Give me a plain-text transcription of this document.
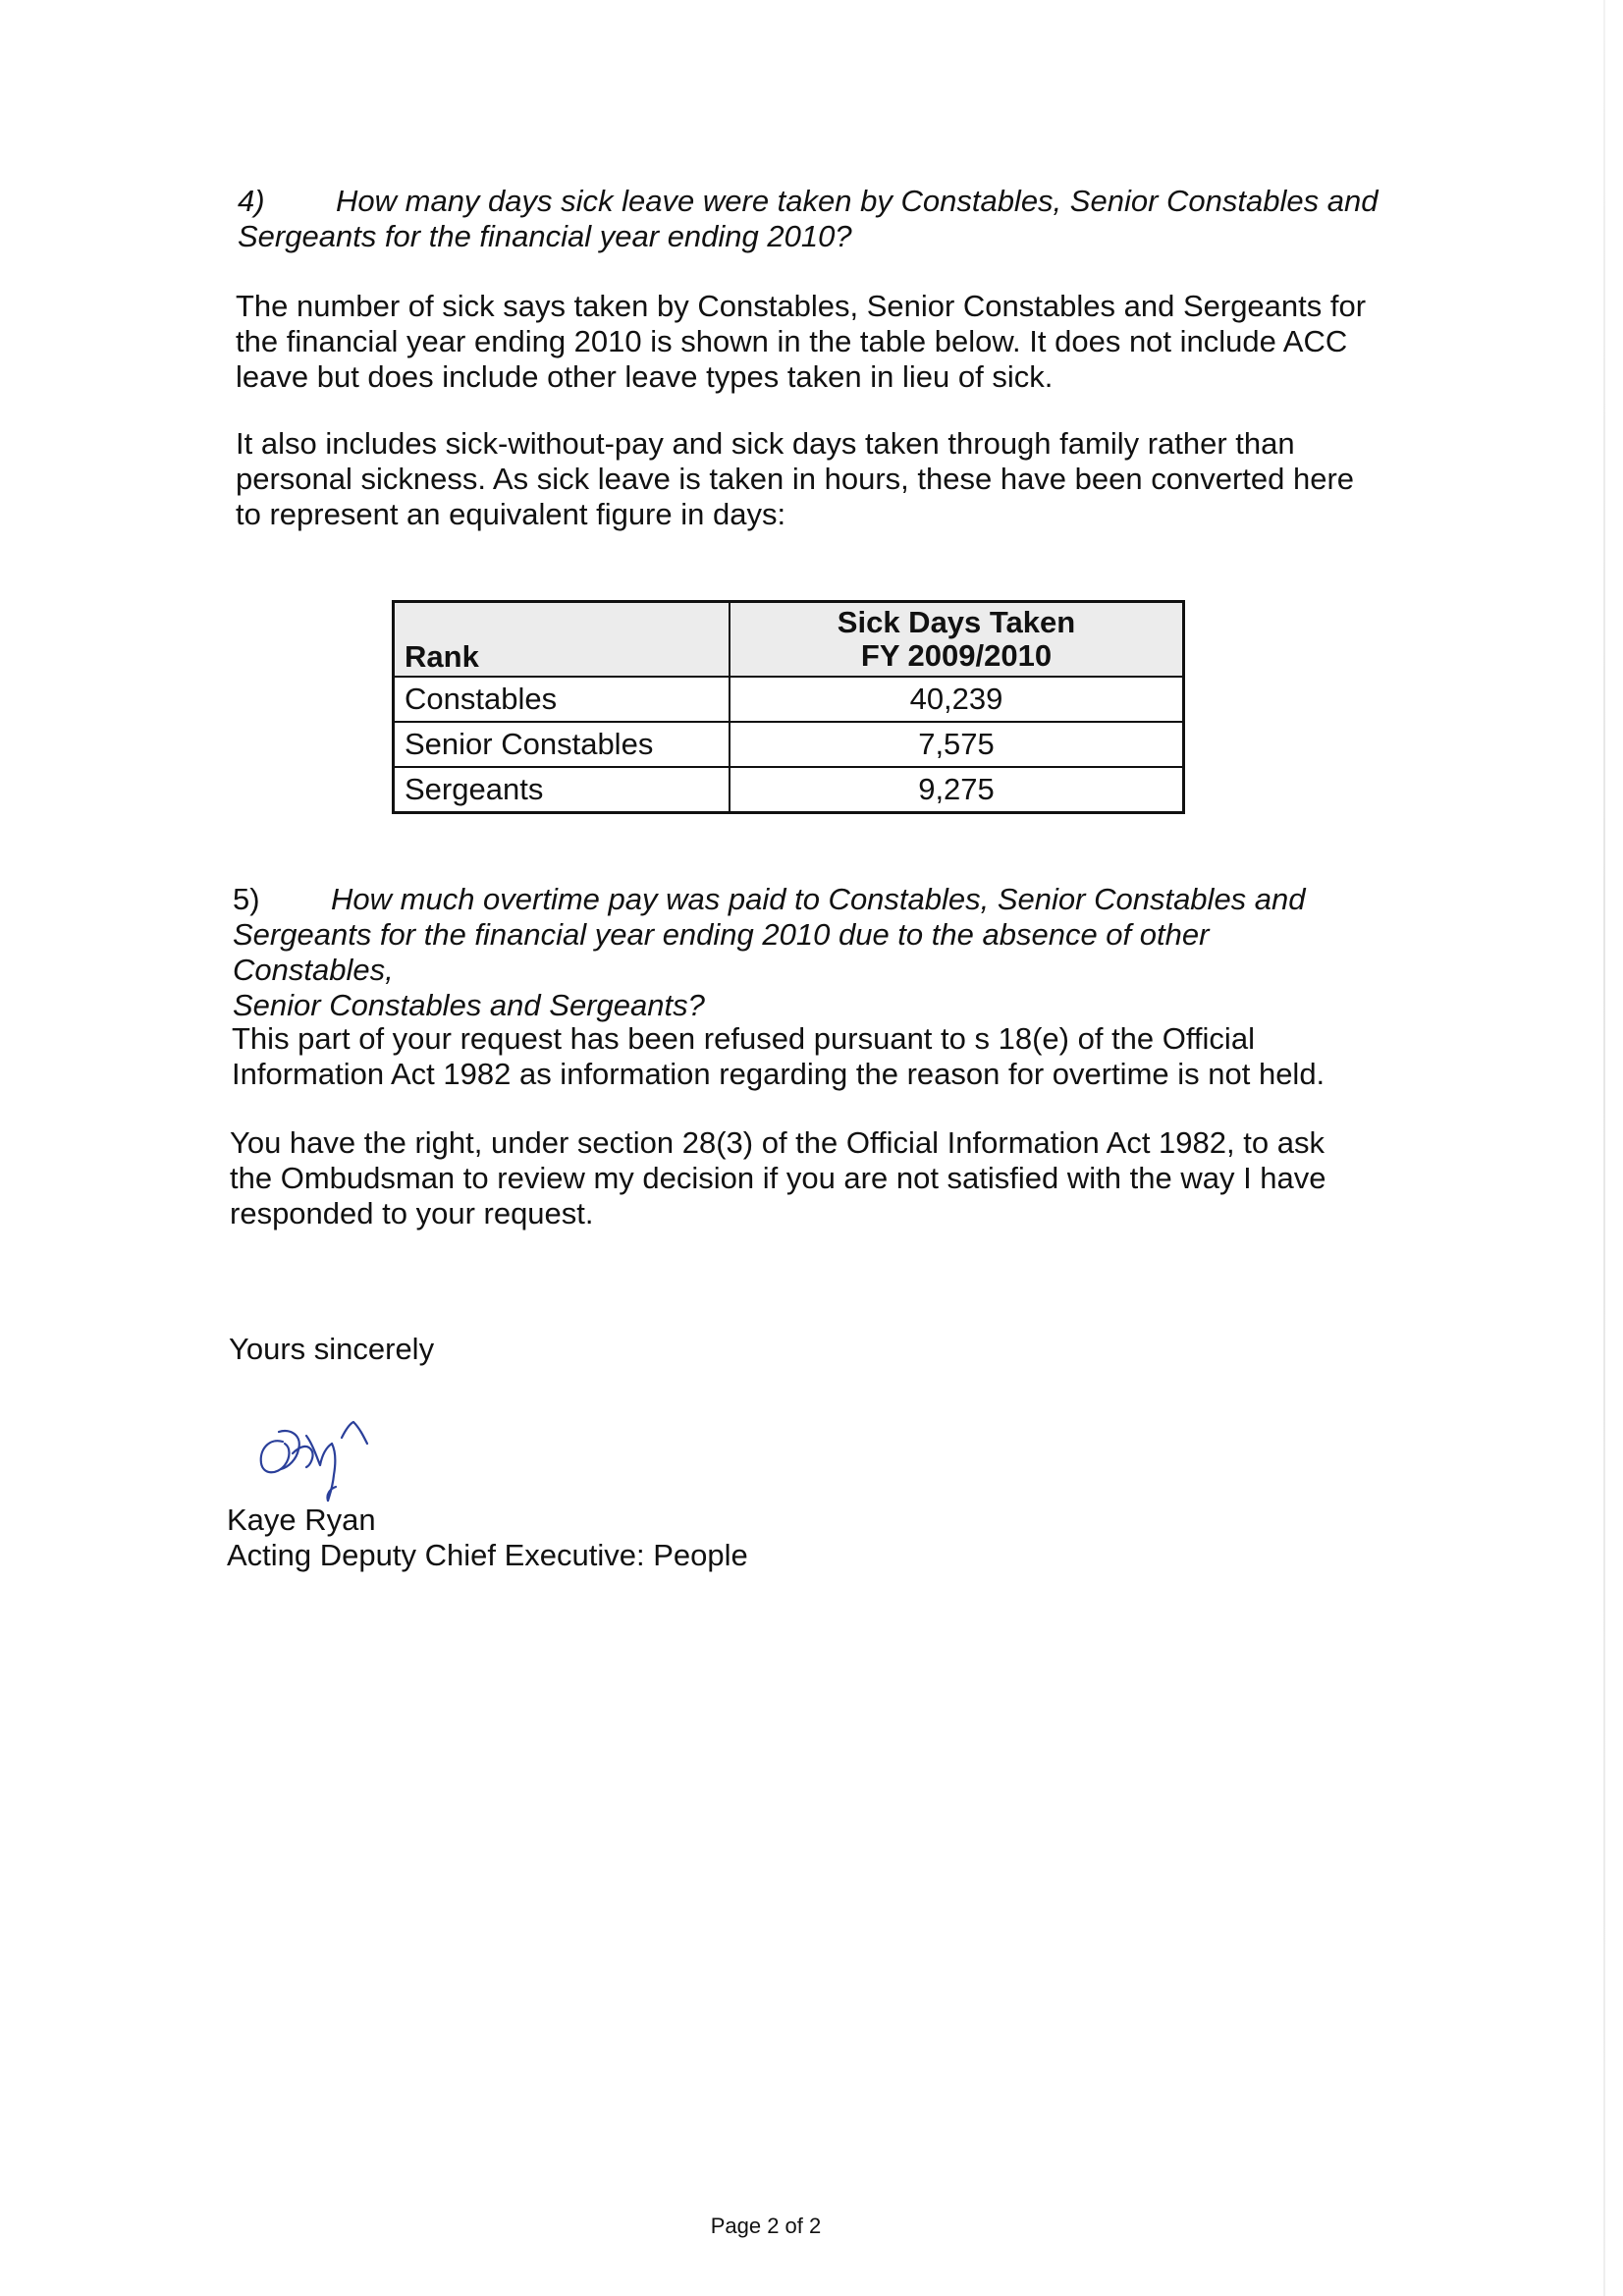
4) How many days sick leave were taken by Constables, Senior Constables and
Sergeants for the financial year ending 2010?
The number of sick says taken by Constables, Senior Constables and Sergeants for
the financial year ending 2010 is shown in the table below. It does not include ACC
leave but does include other leave types taken in lieu of sick.
It also includes sick-without-pay and sick days taken through family rather than
personal sickness. As sick leave is taken in hours, these have been converted here
to represent an equivalent figure in days:
Rank	Sick Days Taken
FY 2009/2010

Constables	40,239
Senior Constables	7,575
Sergeants	9,275
5) How much overtime pay was paid to Constables, Senior Constables and
Sergeants for the financial year ending 2010 due to the absence of other Constables,
Senior Constables and Sergeants?
This part of your request has been refused pursuant to s 18(e) of the Official
Information Act 1982 as information regarding the reason for overtime is not held.
You have the right, under section 28(3) of the Official Information Act 1982, to ask
the Ombudsman to review my decision if you are not satisfied with the way I have
responded to your request.
Yours sincerely
Kaye Ryan
Acting Deputy Chief Executive: People
Page 2 of 2
